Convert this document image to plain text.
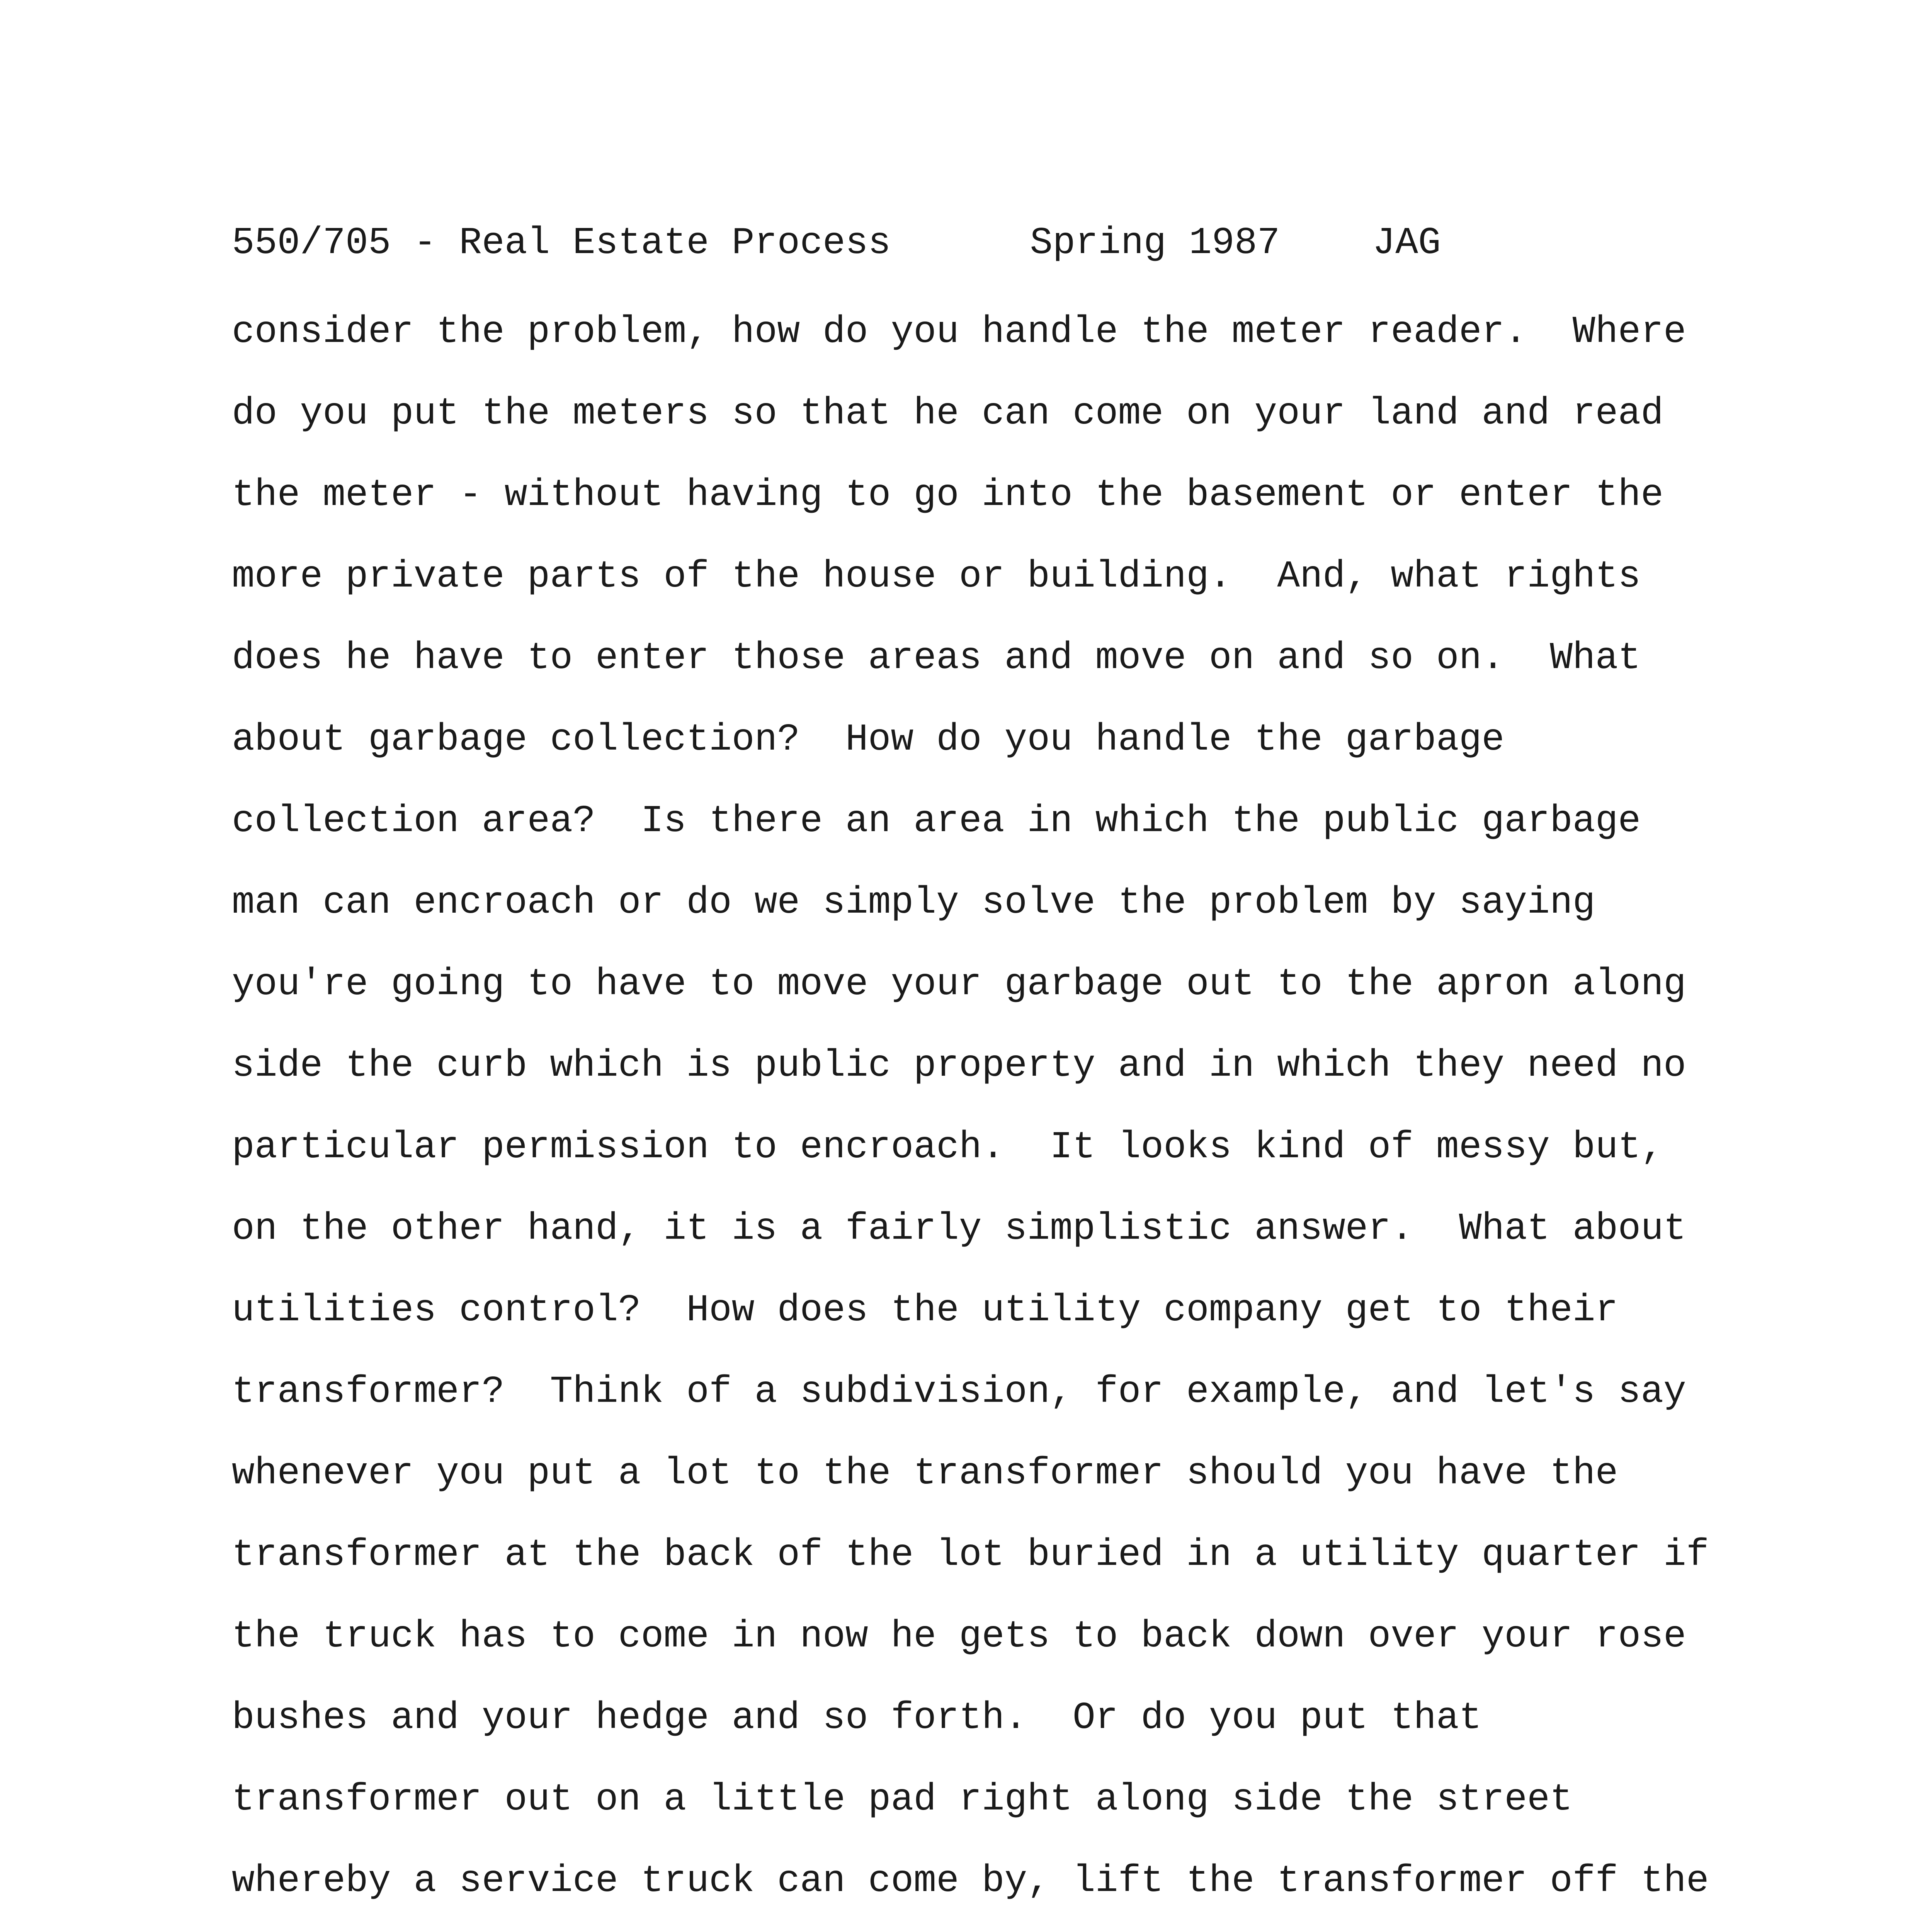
550/705 - Real Estate Process	Spring 1987 JAG
consider the problem, how do you handle the meter reader.  Where
do you put the meters so that he can come on your land and read
the meter - without having to go into the basement or enter the
more private parts of the house or building.  And, what rights
does he have to enter those areas and move on and so on.  What
about garbage collection?  How do you handle the garbage
collection area?  Is there an area in which the public garbage
man can encroach or do we simply solve the problem by saying
you're going to have to move your garbage out to the apron along
side the curb which is public property and in which they need no
particular permission to encroach.  It looks kind of messy but,
on the other hand, it is a fairly simplistic answer.  What about
utilities control?  How does the utility company get to their
transformer?  Think of a subdivision, for example, and let's say
whenever you put a lot to the transformer should you have the
transformer at the back of the lot buried in a utility quarter if
the truck has to come in now he gets to back down over your rose
bushes and your hedge and so forth.  Or do you put that
transformer out on a little pad right along side the street
whereby a service truck can come by, lift the transformer off the
